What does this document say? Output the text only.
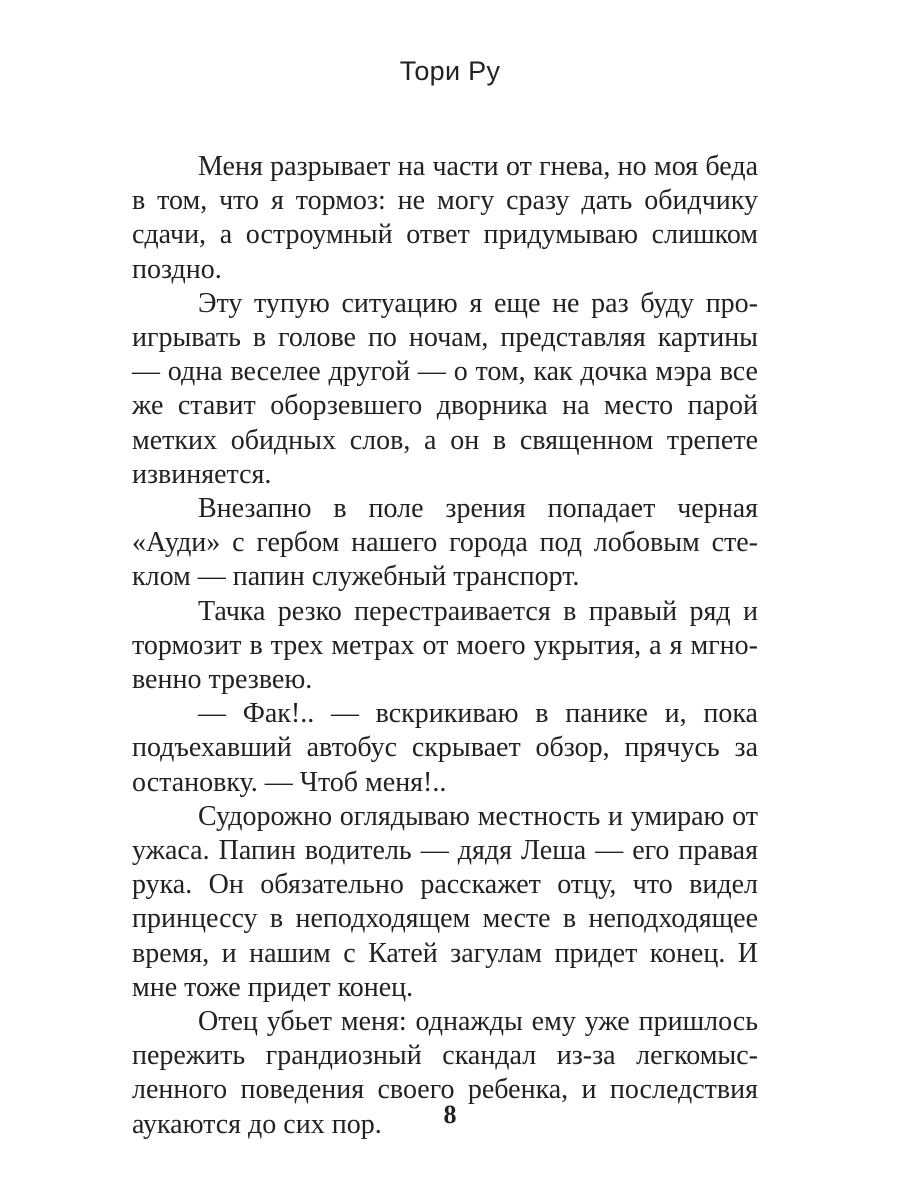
Тори Ру

Меня разрывает на части от гнева, но моя беда в том, что я тормоз: не могу сразу дать обидчику сдачи, а остроумный ответ придумываю слишком поздно.

Эту тупую ситуацию я еще не раз буду проигрывать в голове по ночам, представляя картины — одна веселее другой — о том, как дочка мэра все же ставит оборзевшего дворника на место парой метких обидных слов, а он в священном трепете извиняется.

Внезапно в поле зрения попадает черная «Ауди» с гербом нашего города под лобовым стеклом — папин служебный транспорт.

Тачка резко перестраивается в правый ряд и тормозит в трех метрах от моего укрытия, а я мгновенно трезвею.

— Фак!.. — вскрикиваю в панике и, пока подъехавший автобус скрывает обзор, прячусь за остановку. — Чтоб меня!..

Судорожно оглядываю местность и умираю от ужаса. Папин водитель — дядя Леша — его правая рука. Он обязательно расскажет отцу, что видел принцессу в неподходящем месте в неподходящее время, и нашим с Катей загулам придет конец. И мне тоже придет конец.

Отец убьет меня: однажды ему уже пришлось пережить грандиозный скандал из-за легкомысленного поведения своего ребенка, и последствия аукаются до сих пор.	8
